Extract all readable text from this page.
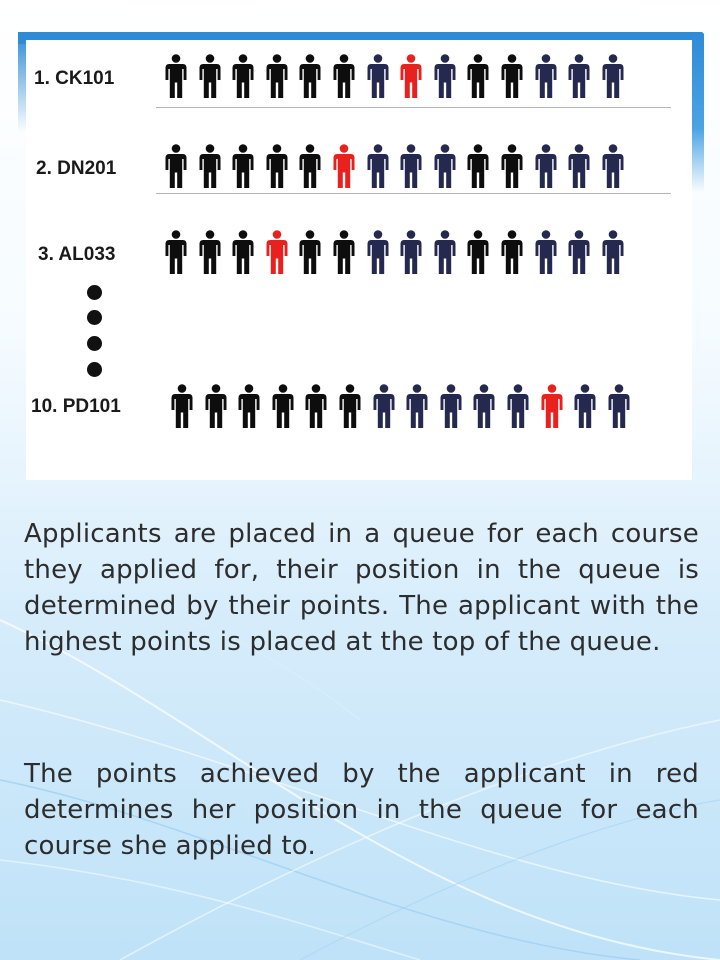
1. CK101
2. DN201
3. AL033
10. PD101

Applicants are placed in a queue for each course they applied for, their position in the queue is determined by their points. The applicant with the highest points is placed at the top of the queue.

The points achieved by the applicant in red determines her position in the queue for each course she applied to.
